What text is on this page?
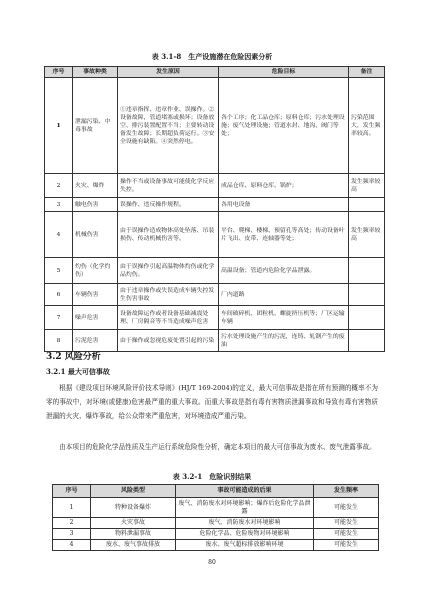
表 3.1-8　生产设施潜在危险因素分析
序号	事故种类	发生原因	危险目标	备注
1	泄漏污染、中毒事故	①违章指挥、违章作业、误操作。②设备故障，管道堵塞或损坏；设备放空、排污装置配置不当；主要转动设备发生故障；长期超负荷运行。③安全设施有缺陷。④突然停电。	各个工序；化工品仓库；原料仓库；污水处理设施；废气处理设施；管道水封、地沟、阀门等处；	污染范围大，发生频率较高。
2	火灾、爆炸	操作不当或设备事故可能使化学反应失控。	成品仓库、原料仓库、锅炉；	发生频率较高
3	触电伤害	误操作、违反操作规程。	各用电设备	
4	机械伤害	由于误操作造成物体高处坠落、吊装损伤、传动机械伤害等。	平台、爬梯、楼梯、预留孔等高处；传动设备叶片飞出、皮带、连轴器等处；	发生频率较高
5	灼伤（化学灼伤）	由于误操作引起高温物体灼伤或化学品灼伤。	高温设备；管道内危险化学品泄露。	
6	车辆伤害	由于违章操作或失误造成车辆失控发生伤害事故	厂内道路	
7	噪声危害	设备故障运作或者设备基础减震处理、厂房隔音等不当造成噪声危害	车间破碎机、团粒机、螺旋挤压机等；厂区运输车辆	
8	污泥危害	由于操作或忽视危废处置引起的污染	污水处理设施产生的污泥，连铸、轧钢产生的废油	
3.2 风险分析
3.2.1 最大可信事故
根据《建设项目环境风险评价技术导则》(HJ/T 169-2004)的定义，最大可信事故是指在所有预测的概率不为零的事故中，对环境(或健康)危害最严重的重大事故。而重大事故是指有毒有害物质泄漏事故和导致有毒有害物质泄漏的火灾、爆炸事故，给公众带来严重危害，对环境造成严重污染。
由本项目的危险化学品性质及生产运行系统危险性分析，确定本项目的最大可信事故为废水、废气泄露事故。
表 3.2-1　危险识别结果
序号	风险类型	事故可能造成的后果	发生频率
1	特种设备爆炸	废气、消防废水对环境影响；爆炸后危险化学品泄露	可能发生
2	火灾事故	废气、消防废水对环境影响	可能发生
3	物料泄漏事故	危险化学品、危险废物对环境影响	可能发生
4	废水、废气事故排放	废水、废气超标排放影响环境	可能发生
80
